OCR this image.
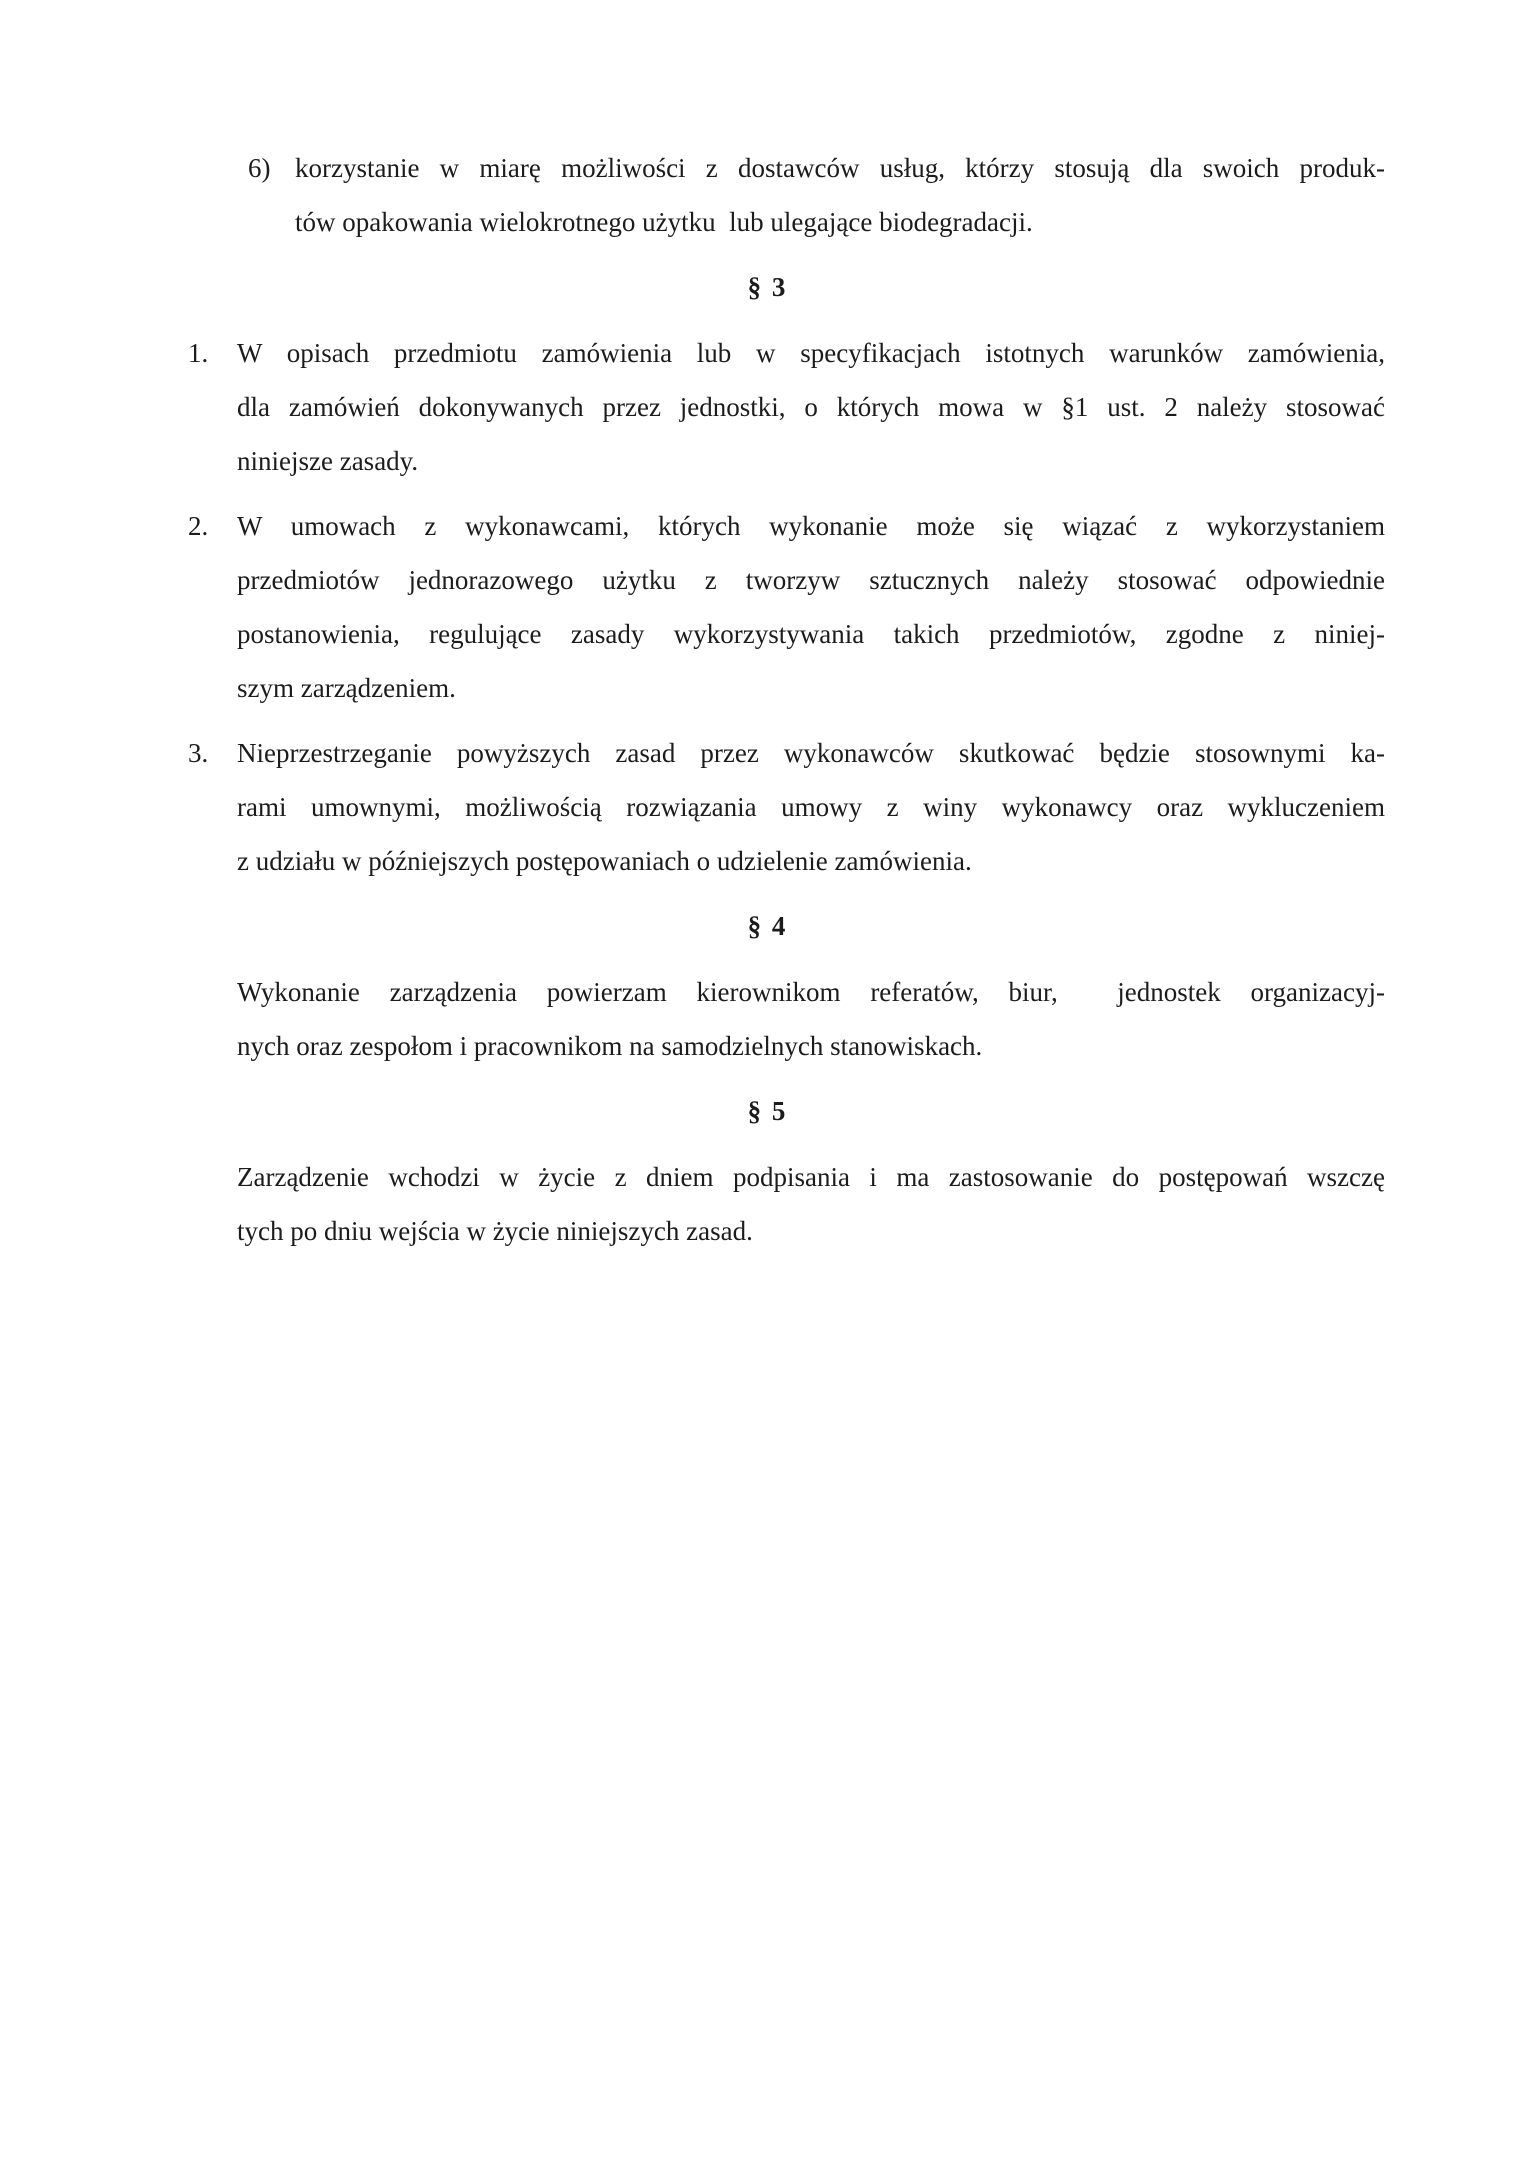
6) korzystanie w miarę możliwości z dostawców usług, którzy stosują dla swoich produk-
tów opakowania wielokrotnego użytku  lub ulegające biodegradacji.
§ 3
1. W opisach przedmiotu zamówienia lub w specyfikacjach istotnych warunków zamówienia,
dla zamówień dokonywanych przez jednostki, o których mowa w §1 ust. 2 należy stosować
niniejsze zasady.
2. W umowach z wykonawcami, których wykonanie może się wiązać z wykorzystaniem
przedmiotów jednorazowego użytku z tworzyw sztucznych należy stosować odpowiednie
postanowienia, regulujące zasady wykorzystywania takich przedmiotów, zgodne z niniej-
szym zarządzeniem.
3. Nieprzestrzeganie powyższych zasad przez wykonawców skutkować będzie stosownymi ka-
rami umownymi, możliwością rozwiązania umowy z winy wykonawcy oraz wykluczeniem
z udziału w późniejszych postępowaniach o udzielenie zamówienia.
§ 4
Wykonanie zarządzenia powierzam kierownikom referatów, biur,  jednostek organizacyj-
nych oraz zespołom i pracownikom na samodzielnych stanowiskach.
§ 5
Zarządzenie wchodzi w życie z dniem podpisania i ma zastosowanie do postępowań wszczę
tych po dniu wejścia w życie niniejszych zasad.
